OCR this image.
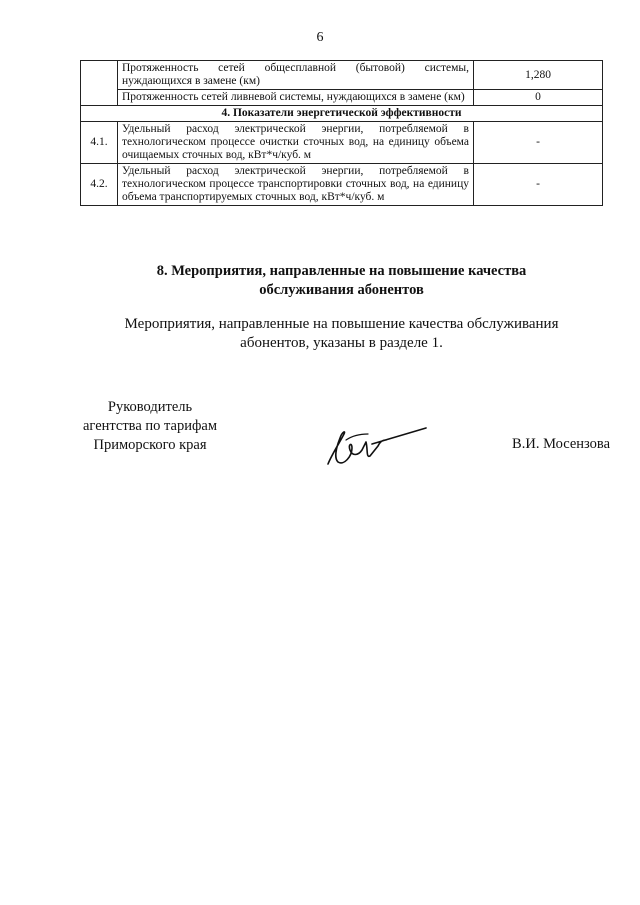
6
	Протяженность сетей общесплавной (бытовой) системы, нуждающихся в замене (км)	1,280
	Протяженность сетей ливневой системы, нуждающихся в замене (км)	0
4. Показатели энергетической эффективности		
4.1.	Удельный расход электрической энергии, потребляемой в технологическом процессе очистки сточных вод, на единицу объема очищаемых сточных вод, кВт*ч/куб. м	-
4.2.	Удельный расход электрической энергии, потребляемой в технологическом процессе транспортировки сточных вод, на единицу объема транспортируемых сточных вод, кВт*ч/куб. м	-
8. Мероприятия, направленные на повышение качества
обслуживания абонентов
Мероприятия, направленные на повышение качества обслуживания
абонентов, указаны в разделе 1.
Руководитель
агентства по тарифам
Приморского края	В.И. Мосензова
